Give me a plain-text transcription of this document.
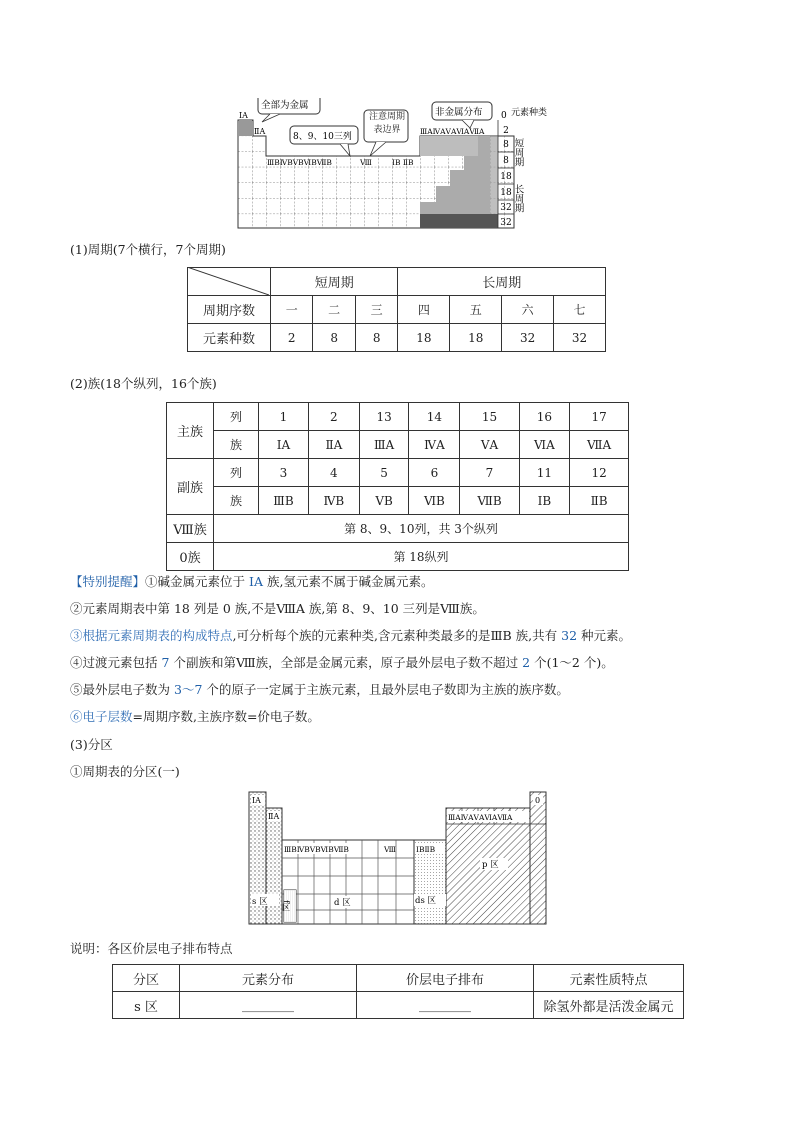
2
8
8
18
18
32
32
短周期
长周期
ⅠA
ⅡA
ⅢBⅣBⅤBⅥBⅦB	Ⅷ	ⅠB ⅡB
ⅢAⅣAⅤAⅥAⅦA
0 元素种类
全部为金属
8、9、10三列
注意周期表边界
非金属分布
(1)周期(7个横行，7个周期)
	短周期			长周期			
周期序数	一	二	三	四	五	六	七
元素种数	2	8	8	18	18	32	32
(2)族(18个纵列，16个族)
主族	列	1	2	13	14	15	16	17
	族	ⅠA	ⅡA	ⅢA	ⅣA	ⅤA	ⅥA	ⅦA
副族	列	3	4	5	6	7	11	12
	族	ⅢB	ⅣB	ⅤB	ⅥB	ⅦB	ⅠB	ⅡB
Ⅷ族	第 8、9、10列，共 3个纵列							
0族	第 18纵列							
【特别提醒】①碱金属元素位于 ⅠA 族,氢元素不属于碱金属元素。
②元素周期表中第 18 列是 0 族,不是ⅧA 族,第 8、9、10 三列是Ⅷ族。
③根据元素周期表的构成特点,可分析每个族的元素种类,含元素种类最多的是ⅢB 族,共有 32 种元素。
④过渡元素包括 7 个副族和第Ⅷ族，全部是金属元素，原子最外层电子数不超过 2 个(1～2 个)。
⑤最外层电子数为 3～7 个的原子一定属于主族元素，且最外层电子数即为主族的族序数。
⑥电子层数=周期序数,主族序数=价电子数。
(3)分区
①周期表的分区(一)
ⅠA
ⅡA
ⅢBⅣBⅤBⅥBⅦB	Ⅷ	ⅠBⅡB
ⅢAⅣAⅤAⅥAⅦA
0
s 区 f区	d 区	ds 区
p 区
说明：各区价层电子排布特点
分区	元素分布	价层电子排布	元素性质特点
s 区	________	________	除氢外都是活泼金属元
